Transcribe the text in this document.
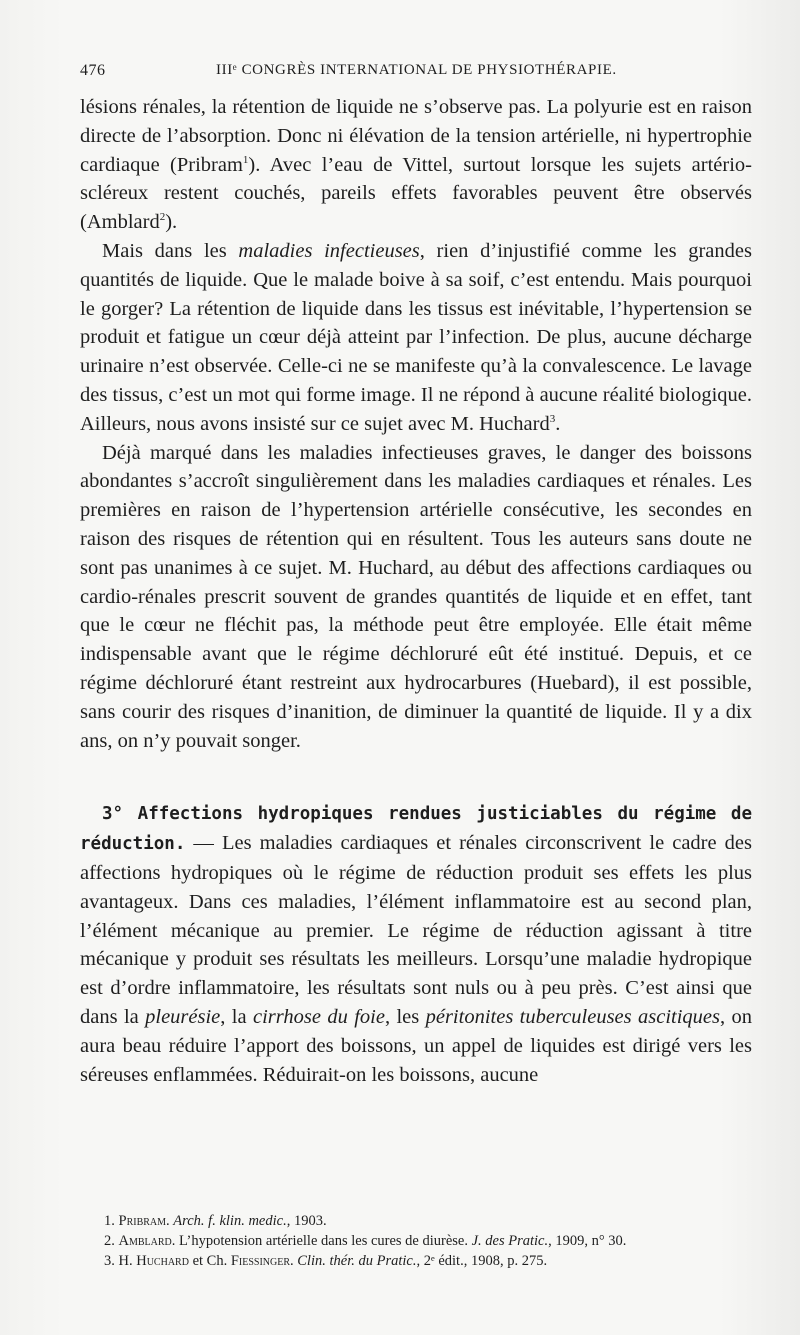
476	IIIᵉ CONGRÈS INTERNATIONAL DE PHYSIOTHÉRAPIE.

lésions rénales, la rétention de liquide ne s’observe pas. La polyurie est en raison directe de l’absorption. Donc ni élévation de la tension artérielle, ni hypertrophie cardiaque (Pribram$^1$). Avec l’eau de Vittel, surtout lorsque les sujets artério-scléreux restent couchés, pareils effets favorables peuvent être observés (Amblard$^2$).

Mais dans les maladies infectieuses, rien d’injustifié comme les grandes quantités de liquide. Que le malade boive à sa soif, c’est entendu. Mais pourquoi le gorger? La rétention de liquide dans les tissus est inévitable, l’hypertension se produit et fatigue un cœur déjà atteint par l’infection. De plus, aucune décharge urinaire n’est observée. Celle-ci ne se manifeste qu’à la convalescence. Le lavage des tissus, c’est un mot qui forme image. Il ne répond à aucune réalité biologique. Ailleurs, nous avons insisté sur ce sujet avec M. Huchard$^3$.

Déjà marqué dans les maladies infectieuses graves, le danger des boissons abondantes s’accroît singulièrement dans les maladies cardiaques et rénales. Les premières en raison de l’hypertension artérielle consécutive, les secondes en raison des risques de rétention qui en résultent. Tous les auteurs sans doute ne sont pas unanimes à ce sujet. M. Huchard, au début des affections cardiaques ou cardio-rénales prescrit souvent de grandes quantités de liquide et en effet, tant que le cœur ne fléchit pas, la méthode peut être employée. Elle était même indispensable avant que le régime déchloruré eût été institué. Depuis, et ce régime déchloruré étant restreint aux hydrocarbures (Huebard), il est possible, sans courir des risques d’inanition, de diminuer la quantité de liquide. Il y a dix ans, on n’y pouvait songer.

3° Affections hydropiques rendues justiciables du régime de réduction. — Les maladies cardiaques et rénales circonscrivent le cadre des affections hydropiques où le régime de réduction produit ses effets les plus avantageux. Dans ces maladies, l’élément inflammatoire est au second plan, l’élément mécanique au premier. Le régime de réduction agissant à titre mécanique y produit ses résultats les meilleurs. Lorsqu’une maladie hydropique est d’ordre inflammatoire, les résultats sont nuls ou à peu près. C’est ainsi que dans la pleurésie, la cirrhose du foie, les péritonites tuberculeuses ascitiques, on aura beau réduire l’apport des boissons, un appel de liquides est dirigé vers les séreuses enflammées. Réduirait-on les boissons, aucune

1. Pribram. Arch. f. klin. medic., 1903.
2. Amblard. L’hypotension artérielle dans les cures de diurèse. J. des Pratic., 1909, n° 30.
3. H. Huchard et Ch. Fiessinger. Clin. thér. du Pratic., 2ᵉ édit., 1908, p. 275.
